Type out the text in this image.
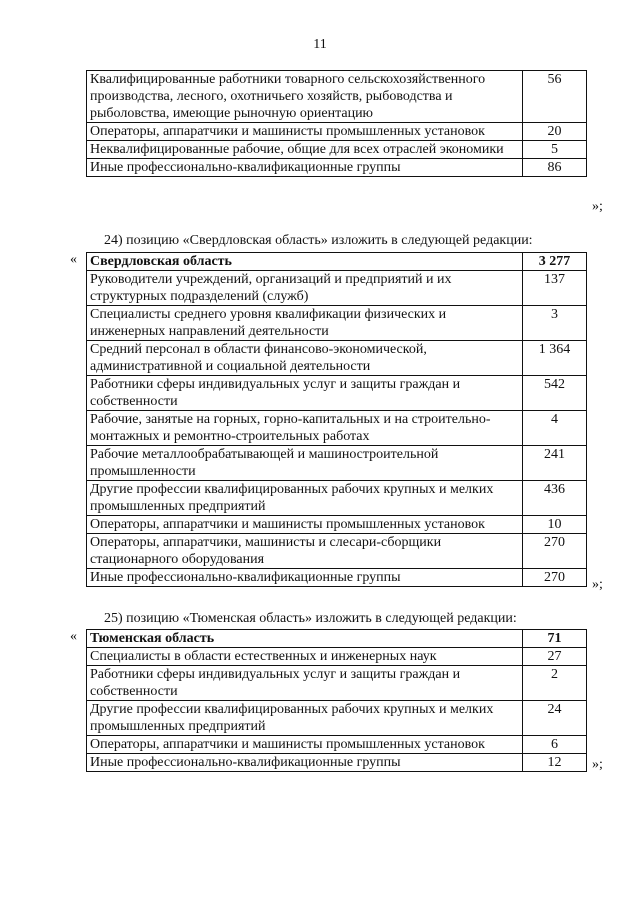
11
Квалифицированные работники товарного сельскохозяйственного производства, лесного, охотничьего хозяйств, рыбоводства и рыболовства, имеющие рыночную ориентацию	56
Операторы, аппаратчики и машинисты промышленных установок	20
Неквалифицированные рабочие, общие для всех отраслей экономики	5
Иные профессионально-квалификационные группы	86
»;
24) позицию «Свердловская область» изложить в следующей редакции:
« Свердловская область	3 277
Руководители учреждений, организаций и предприятий и их структурных подразделений (служб)	137
Специалисты среднего уровня квалификации физических и инженерных направлений деятельности	3
Средний персонал в области финансово-экономической, административной и социальной деятельности	1 364
Работники сферы индивидуальных услуг и защиты граждан и собственности	542
Рабочие, занятые на горных, горно-капитальных и на строительно-монтажных и ремонтно-строительных работах	4
Рабочие металлообрабатывающей и машиностроительной промышленности	241
Другие профессии квалифицированных рабочих крупных и мелких промышленных предприятий	436
Операторы, аппаратчики и машинисты промышленных установок	10
Операторы, аппаратчики, машинисты и слесари-сборщики стационарного оборудования	270
Иные профессионально-квалификационные группы	270 »;
25) позицию «Тюменская область» изложить в следующей редакции:
« Тюменская область	71
Специалисты в области естественных и инженерных наук	27
Работники сферы индивидуальных услуг и защиты граждан и собственности	2
Другие профессии квалифицированных рабочих крупных и мелких промышленных предприятий	24
Операторы, аппаратчики и машинисты промышленных установок	6
Иные профессионально-квалификационные группы	12 »;
